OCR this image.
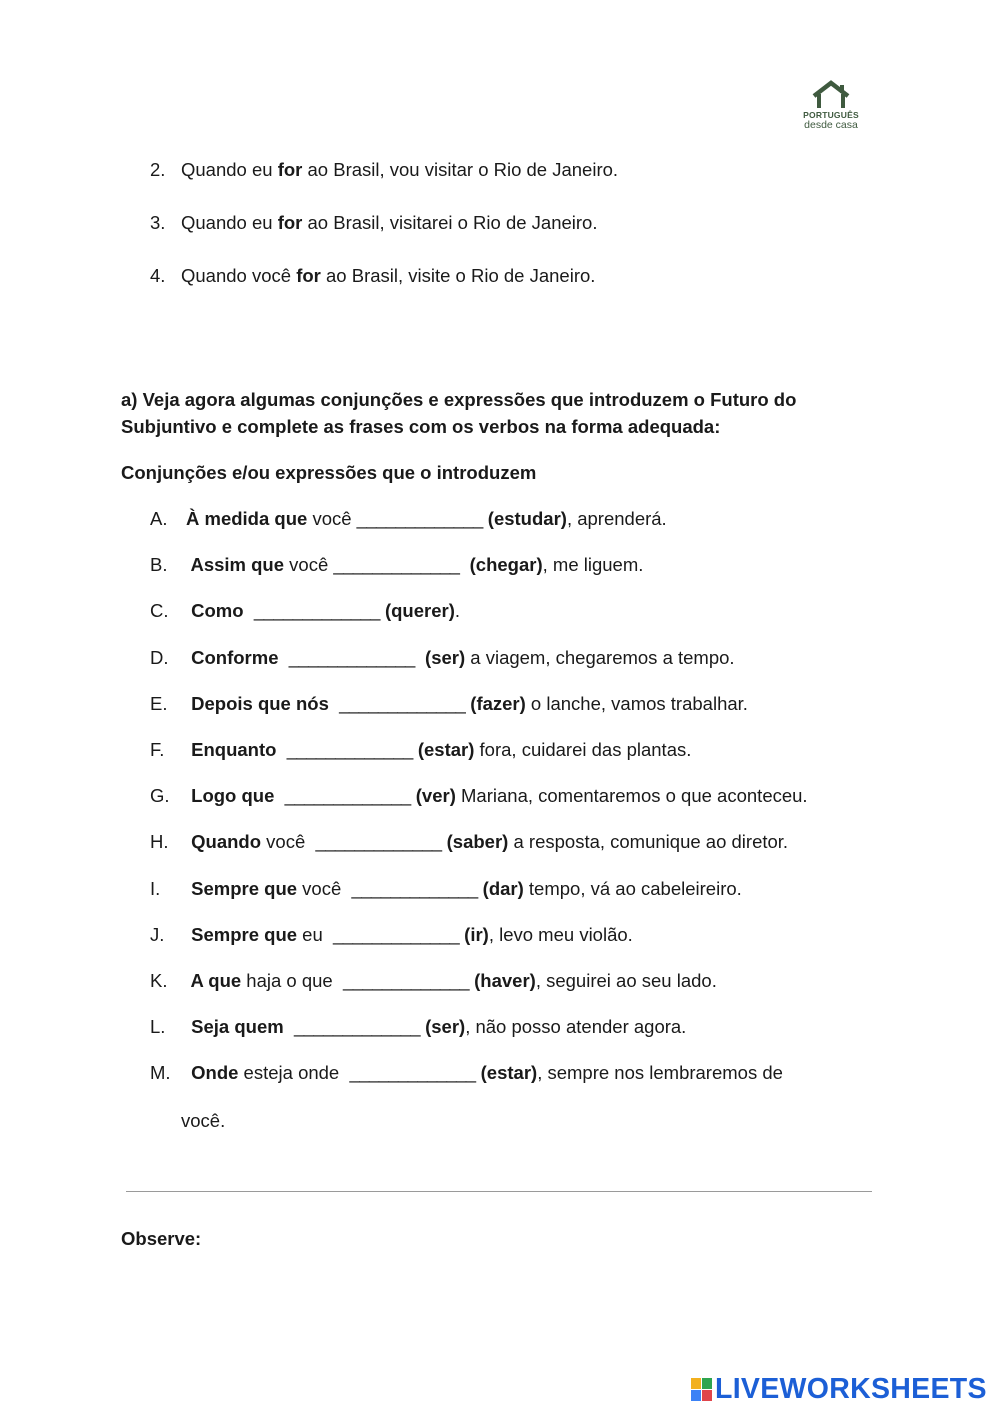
PORTUGUÊS
desde casa
2. Quando eu for ao Brasil, vou visitar o Rio de Janeiro.
3. Quando eu for ao Brasil, visitarei o Rio de Janeiro.
4. Quando você for ao Brasil, visite o Rio de Janeiro.
a) Veja agora algumas conjunções e expressões que introduzem o Futuro do
Subjuntivo e complete as frases com os verbos na forma adequada:
Conjunções e/ou expressões que o introduzem
A. À medida que você _____________ (estudar), aprenderá.
B. Assim que você _____________ (chegar), me liguem.
C. Como _____________ (querer).
D. Conforme _____________ (ser) a viagem, chegaremos a tempo.
E. Depois que nós _____________ (fazer) o lanche, vamos trabalhar.
F. Enquanto _____________ (estar) fora, cuidarei das plantas.
G. Logo que _____________ (ver) Mariana, comentaremos o que aconteceu.
H. Quando você  _____________ (saber) a resposta, comunique ao diretor.
I. Sempre que você  _____________ (dar) tempo, vá ao cabeleireiro.
J. Sempre que eu  _____________ (ir), levo meu violão.
K. A que haja o que  _____________ (haver), seguirei ao seu lado.
L. Seja quem _____________ (ser), não posso atender agora.
M. Onde esteja onde  _____________ (estar), sempre nos lembraremos de
você.
Observe:
LIVEWORKSHEETS
